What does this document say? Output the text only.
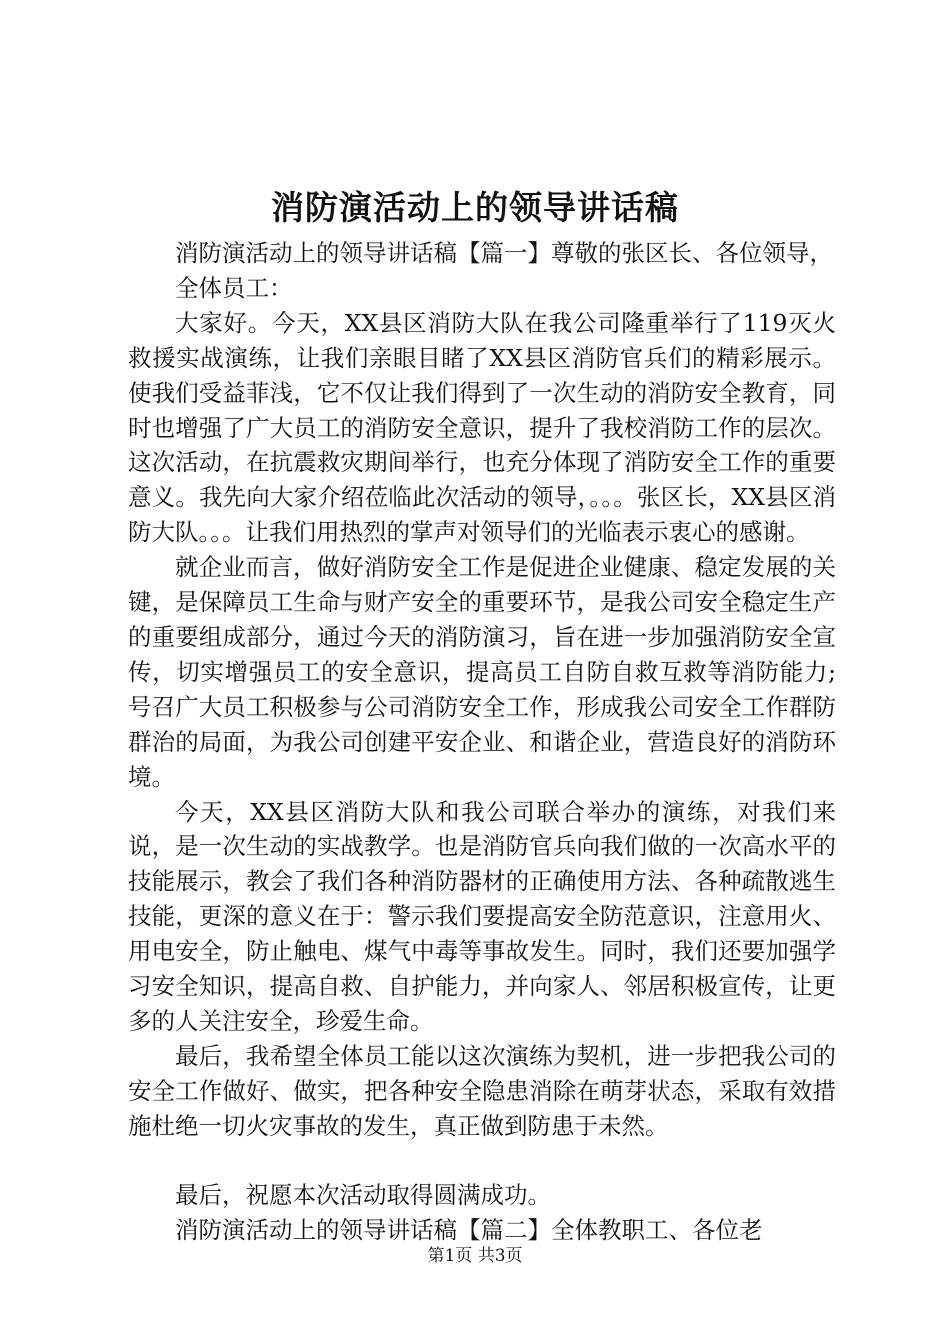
消防演活动上的领导讲话稿

消防演活动上的领导讲话稿【篇一】尊敬的张区长、各位领导，

全体员工：

大家好。今天，XX县区消防大队在我公司隆重举行了119灭火救援实战演练，让我们亲眼目睹了XX县区消防官兵们的精彩展示。使我们受益菲浅，它不仅让我们得到了一次生动的消防安全教育，同时也增强了广大员工的消防安全意识，提升了我校消防工作的层次。这次活动，在抗震救灾期间举行，也充分体现了消防安全工作的重要意义。我先向大家介绍莅临此次活动的领导，。。。张区长，XX县区消防大队。。。让我们用热烈的掌声对领导们的光临表示衷心的感谢。

就企业而言，做好消防安全工作是促进企业健康、稳定发展的关键，是保障员工生命与财产安全的重要环节，是我公司安全稳定生产的重要组成部分，通过今天的消防演习，旨在进一步加强消防安全宣传，切实增强员工的安全意识，提高员工自防自救互救等消防能力;号召广大员工积极参与公司消防安全工作，形成我公司安全工作群防群治的局面，为我公司创建平安企业、和谐企业，营造良好的消防环境。

今天，XX县区消防大队和我公司联合举办的演练，对我们来说，是一次生动的实战教学。也是消防官兵向我们做的一次高水平的技能展示，教会了我们各种消防器材的正确使用方法、各种疏散逃生技能，更深的意义在于：警示我们要提高安全防范意识，注意用火、用电安全，防止触电、煤气中毒等事故发生。同时，我们还要加强学习安全知识，提高自救、自护能力，并向家人、邻居积极宣传，让更多的人关注安全，珍爱生命。

最后，我希望全体员工能以这次演练为契机，进一步把我公司的安全工作做好、做实，把各种安全隐患消除在萌芽状态，采取有效措施杜绝一切火灾事故的发生，真正做到防患于未然。

最后，祝愿本次活动取得圆满成功。

消防演活动上的领导讲话稿【篇二】全体教职工、各位老

第1页 共3页
